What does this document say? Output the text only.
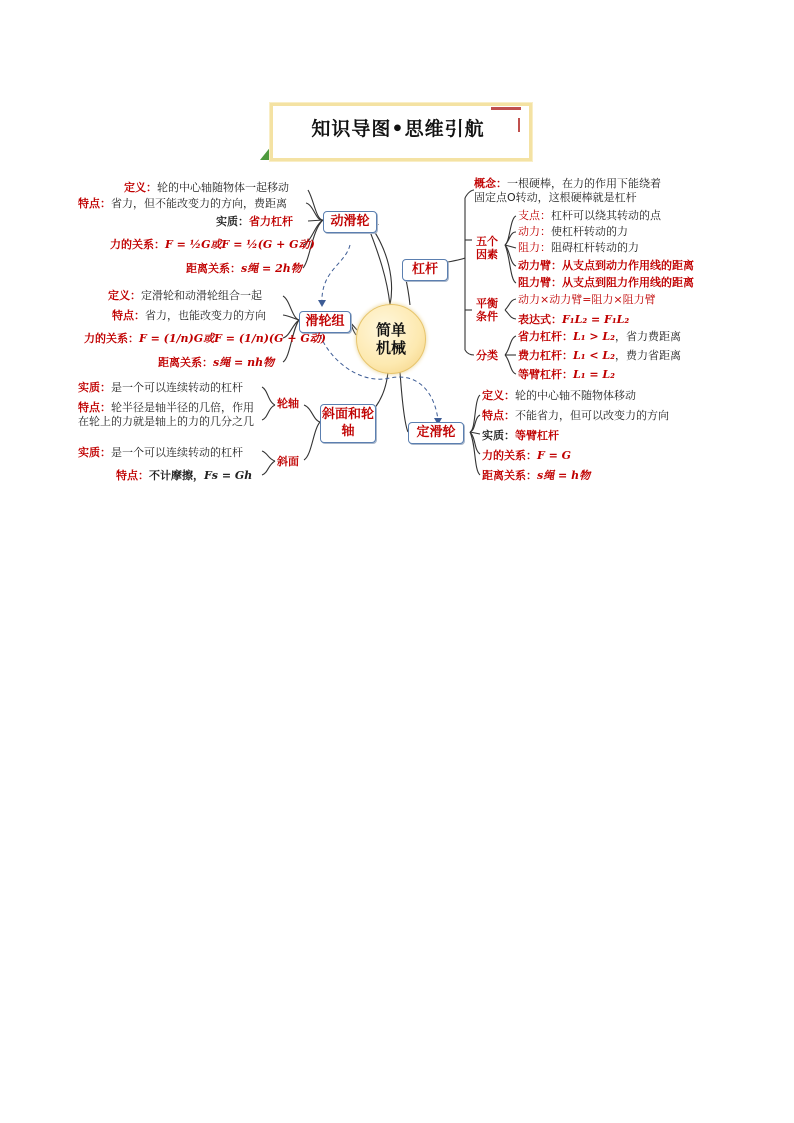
知识导图•思维引航
简单机械
动滑轮
定义：轮的中心轴随物体一起移动
特点：省力，但不能改变力的方向，费距离
实质：省力杠杆
力的关系：F = ½G或F = ½(G + G动)
距离关系：s绳 = 2h物
滑轮组
定义：定滑轮和动滑轮组合一起
特点：省力，也能改变力的方向
力的关系：F = (1/n)G或F = (1/n)(G + G动)
距离关系：s绳 = nh物
斜面和轮轴
轮轴
实质：是一个可以连续转动的杠杆
特点：轮半径是轴半径的几倍，作用在轮上的力就是轴上的力的几分之几
斜面
实质：是一个可以连续转动的杠杆
特点：不计摩擦，Fs = Gh
杠杆
概念：一根硬棒，在力的作用下能绕着
固定点O转动，这根硬棒就是杠杆
五个因素
支点：杠杆可以绕其转动的点
动力：使杠杆转动的力
阻力：阻碍杠杆转动的力
动力臂：从支点到动力作用线的距离
阻力臂：从支点到阻力作用线的距离
平衡条件
动力×动力臂=阻力×阻力臂
表达式：F₁L₂ = F₁L₂
分类
省力杠杆：L₁ > L₂，省力费距离
费力杠杆：L₁ < L₂，费力省距离
等臂杠杆：L₁ = L₂
定滑轮
定义：轮的中心轴不随物体移动
特点：不能省力，但可以改变力的方向
实质：等臂杠杆
力的关系：F = G
距离关系：s绳 = h物
